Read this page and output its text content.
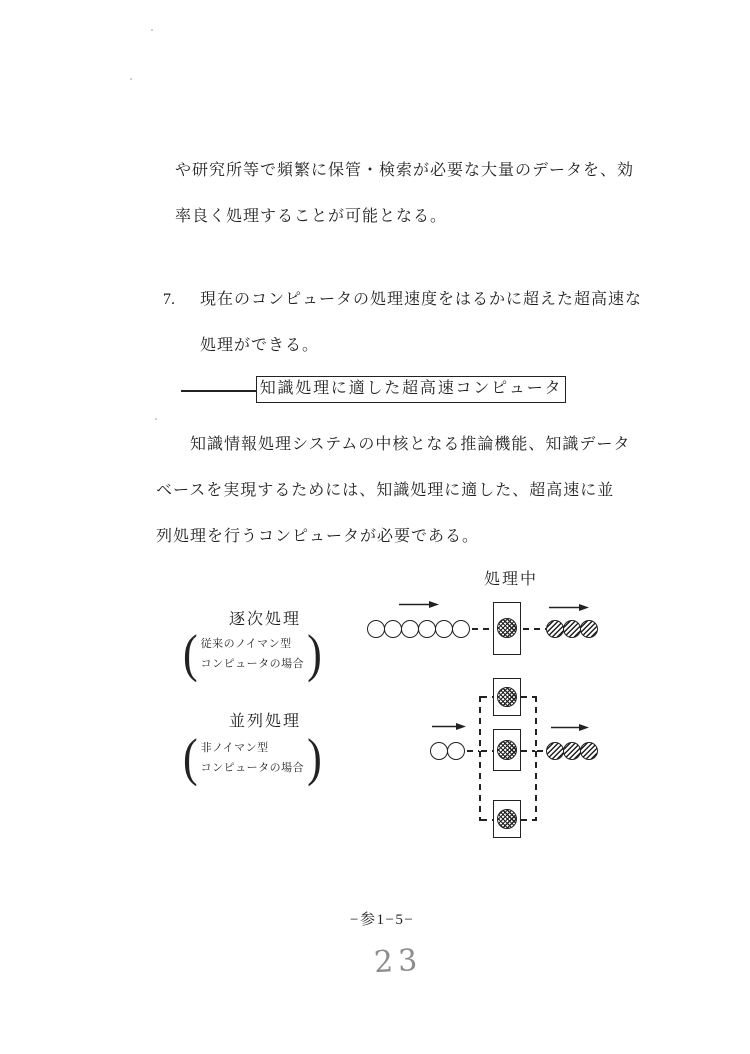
や研究所等で頻繁に保管・検索が必要な大量のデータを、効
率良く処理することが可能となる。
7. 現在のコンピュータの処理速度をはるかに超えた超高速な
処理ができる。
知識処理に適した超高速コンピュータ
知識情報処理システムの中核となる推論機能、知識データ
ベースを実現するためには、知識処理に適した、超高速に並
列処理を行うコンピュータが必要である。
処理中
逐次処理
( 従来のノイマン型
コンピュータの場合 )
並列処理
( 非ノイマン型
コンピュータの場合 )
−参1−5−
23
